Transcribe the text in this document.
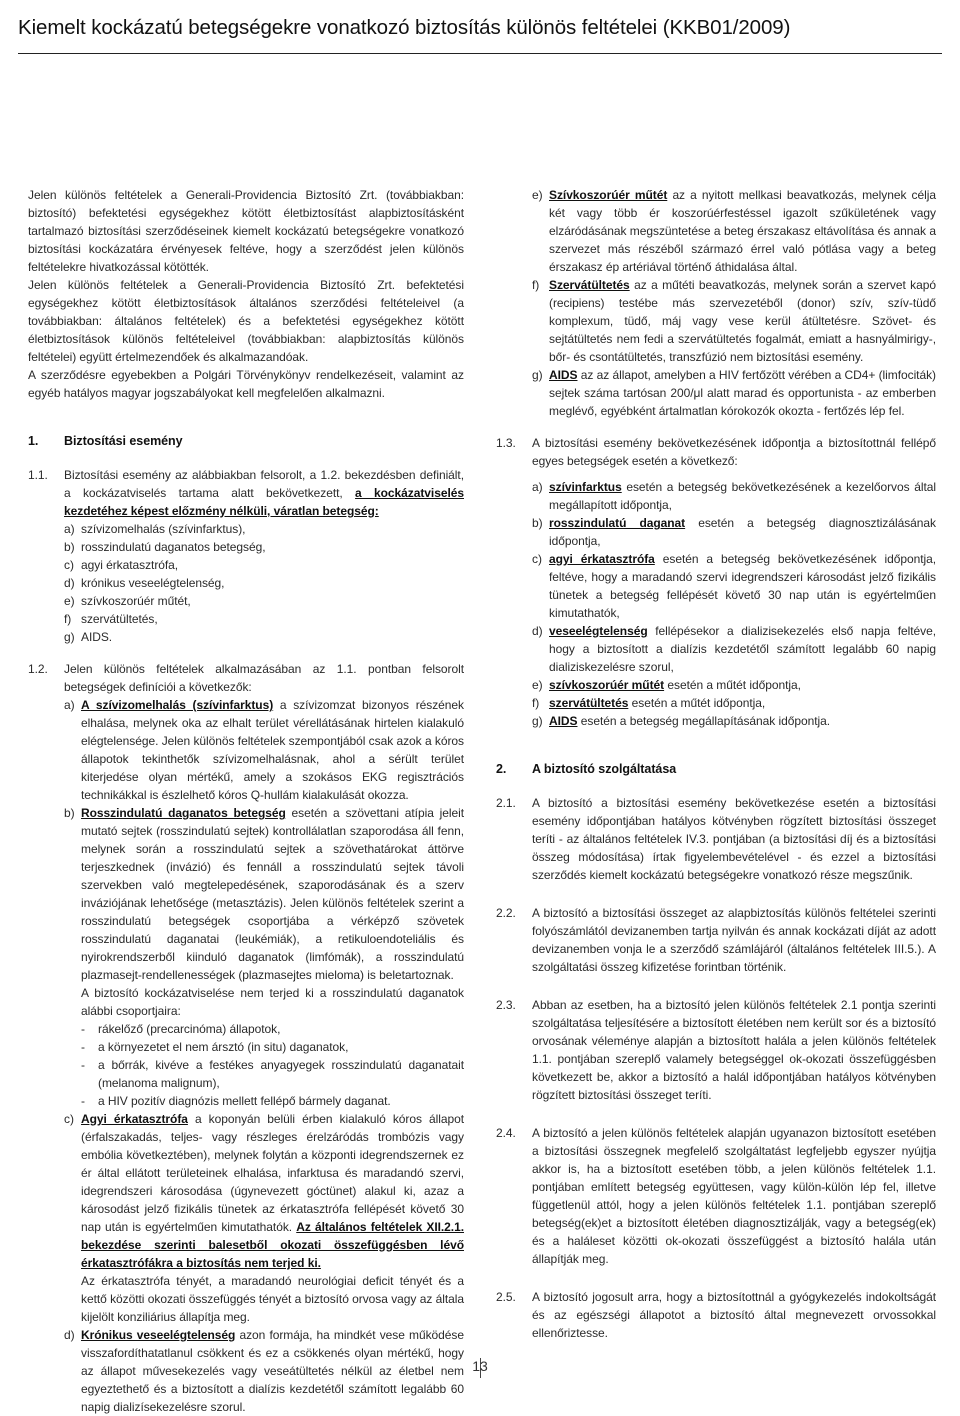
Kiemelt kockázatú betegségekre vonatkozó biztosítás különös feltételei (KKB01/2009)

Jelen különös feltételek a Generali-Providencia Biztosító Zrt. (továbbiakban: biztosító) befektetési egységekhez kötött életbiztosítást alapbiztosításként tartalmazó biztosítási szerződéseinek kiemelt kockázatú betegségekre vonatkozó biztosítási kockázatára érvényesek feltéve, hogy a szerződést jelen különös feltételekre hivatkozással kötötték.

Jelen különös feltételek a Generali-Providencia Biztosító Zrt. befektetési egységekhez kötött életbiztosítások általános szerződési feltételeivel (a továbbiakban: általános feltételek) és a befektetési egységekhez kötött életbiztosítások különös feltételeivel (továbbiakban: alapbiztosítás különös feltételei) együtt értelmezendőek és alkalmazandóak.

A szerződésre egyebekben a Polgári Törvénykönyv rendelkezéseit, valamint az egyéb hatályos magyar jogszabályokat kell megfelelően alkalmazni.

1.	Biztosítási esemény
1.1.	Biztosítási esemény az alábbiakban felsorolt, a 1.2. bekezdésben definiált, a kockázatviselés tartama alatt bekövetkezett, a kockázatviselés kezdetéhez képest előzmény nélküli, váratlan betegség:

a) szívizomelhalás (szívinfarktus),
b) rosszindulatú daganatos betegség,
c) agyi érkatasztrófa,
d) krónikus veseelégtelenség,
e) szívkoszorúér műtét,
f) szervátültetés,
g) AIDS.
1.2.	Jelen különös feltételek alkalmazásában az 1.1. pontban felsorolt betegségek definíciói a következők:

a) A szívizomelhalás (szívinfarktus) a szívizomzat bizonyos részének elhalása, melynek oka az elhalt terület vérellátásának hirtelen kialakuló elégtelensége. Jelen különös feltételek szempontjából csak azok a kóros állapotok tekinthetők szívizomelhalásnak, ahol a sérült terület kiterjedése olyan mértékű, amely a szokásos EKG regisztrációs technikákkal is észlelhető kóros Q-hullám kialakulását okozza.

b) Rosszindulatú daganatos betegség esetén a szövettani atípia jeleit mutató sejtek (rosszindulatú sejtek) kontrollálatlan szaporodása áll fenn, melynek során a rosszindulatú sejtek a szövethatárokat áttörve terjeszkednek (invázió) és fennáll a rosszindulatú sejtek távoli szervekben való megtelepedésének, szaporodásának és a szerv inváziójának lehetősége (metasztázis). Jelen különös feltételek szerint a rosszindulatú betegségek csoportjába a vérképző szövetek rosszindulatú daganatai (leukémiák), a retikuloendoteliális és nyirokrendszerből kiinduló daganatok (limfómák), a rosszindulatú plazmasejt-rendellenességek (plazmasejtes mieloma) is beletartoznak.

A biztosító kockázatviselése nem terjed ki a rosszindulatú daganatok alábbi csoportjaira:

-	rákelőző (precarcinóma) állapotok,
-	a környezetet el nem ársztó (in situ) daganatok,
-	a bőrrák, kivéve a festékes anyagyegek rosszindulatú daganatait (melanoma malignum),
-	a HIV pozitív diagnózis mellett fellépő bármely daganat.
c) Agyi érkatasztrófa a koponyán belüli érben kialakuló kóros állapot (érfalszakadás, teljes- vagy részleges érelzáródás trombózis vagy embólia következtében), melynek folytán a központi idegrendszernek ez ér által ellátott területeinek elhalása, infarktusa és maradandó szervi, idegrendszeri károsodása (úgynevezett góctünet) alakul ki, azaz a károsodást jelző fizikális tünetek az érkatasztrófa fellépését követő 30 nap után is egyértelműen kimutathatók. Az általános feltételek XII.2.1. bekezdése szerinti balesetből okozati összefüggésben lévő érkatasztrófákra a biztosítás nem terjed ki.

Az érkatasztrófa tényét, a maradandó neurológiai deficit tényét és a kettő közötti okozati összefüggés tényét a biztosító orvosa vagy az általa kijelölt konziliárius állapítja meg.

d) Krónikus veseelégtelenség azon formája, ha mindkét vese működése visszafordíthatatlanul csökkent és ez a csökkenés olyan mértékű, hogy az állapot művesekezelés vagy veseátültetés nélkül az életbel nem egyeztethető és a biztosított a dialízis kezdetétől számított legalább 60 napig dializísekezelésre szorul.

e) Szívkoszorúér műtét az a nyitott mellkasi beavatkozás, melynek célja két vagy több ér koszorúérfestéssel igazolt szűkületének vagy elzáródásának megszüntetése a beteg érszakasz eltávolítása és annak a szervezet más részéből származó érrel való pótlása vagy a beteg érszakasz ép artériával történő áthidalása által.

f) Szervátültetés az a műtéti beavatkozás, melynek során a szervet kapó (recipiens) testébe más szervezetéből (donor) szív, szív-tüdő komplexum, tüdő, máj vagy vese kerül átültetésre. Szövet- és sejtátültetés nem fedi a szervátültetés fogalmát, emiatt a hasnyálmirigy-, bőr- és csontátültetés, transzfúzió nem biztosítási esemény.

g) AIDS az az állapot, amelyben a HIV fertőzött vérében a CD4+ (limfociták) sejtek száma tartósan 200/μl alatt marad és opportunista - az emberben meglévő, egyébként ártalmatlan kórokozók okozta - fertőzés lép fel.

1.3.	A biztosítási esemény bekövetkezésének időpontja a biztosítottnál fellépő egyes betegségek esetén a következő:

a) szívinfarktus esetén a betegség bekövetkezésének a kezelőorvos által megállapított időpontja,

b) rosszindulatú daganat esetén a betegség diagnosztizálásának időpontja,

c) agyi érkatasztrófa esetén a betegség bekövetkezésének időpontja, feltéve, hogy a maradandó szervi idegrendszeri károsodást jelző fizikális tünetek a betegség fellépését követő 30 nap után is egyértelműen kimutathatók,

d) veseelégtelenség fellépésekor a dializisekezelés első napja feltéve, hogy a biztosított a dialízis kezdetétől számított legalább 60 napig dializiskezelésre szorul,

e) szívkoszorúér műtét esetén a műtét időpontja,

f) szervátültetés esetén a műtét időpontja,

g) AIDS esetén a betegség megállapításának időpontja.

2.	A biztosító szolgáltatása
2.1.	A biztosító a biztosítási esemény bekövetkezése esetén a biztosítási esemény időpontjában hatályos kötvényben rögzített biztosítási összeget teríti - az általános feltételek IV.3. pontjában (a biztosítási díj és a biztosítási összeg módosítása) írtak figyelembevételével - és ezzel a biztosítási szerződés kiemelt kockázatú betegségekre vonatkozó része megszűnik.

2.2.	A biztosító a biztosítási összeget az alapbiztosítás különös feltételei szerinti folyószámlától devizanemben tartja nyilván és annak kockázati díját az adott devizanemben vonja le a szerződő számlájáról (általános feltételek III.5.). A szolgáltatási összeg kifizetése forintban történik.

2.3.	Abban az esetben, ha a biztosító jelen különös feltételek 2.1 pontja szerinti szolgáltatása teljesítésére a biztosított életében nem került sor és a biztosító orvosának véleménye alapján a biztosított halála a jelen különös feltételek 1.1. pontjában szereplő valamely betegséggel ok-okozati összefüggésben következett be, akkor a biztosító a halál időpontjában hatályos kötvényben rögzített biztosítási összeget teríti.

2.4.	A biztosító a jelen különös feltételek alapján ugyanazon biztosított esetében a biztosítási összegnek megfelelő szolgáltatást legfeljebb egyszer nyújtja akkor is, ha a biztosított esetében több, a jelen különös feltételek 1.1. pontjában említett betegség együttesen, vagy külön-külön lép fel, illetve függetlenül attól, hogy a jelen különös feltételek 1.1. pontjában szereplő betegség(ek)et a biztosított életében diagnosztizálják, vagy a betegség(ek) és a haláleset közötti ok-okozati összefüggést a biztosító halála után állapítják meg.

2.5.	A biztosító jogosult arra, hogy a biztosítottnál a gyógykezelés indokoltságát és az egészségi állapotot a biztosító által megnevezett orvossokkal ellenőriztesse.

13
